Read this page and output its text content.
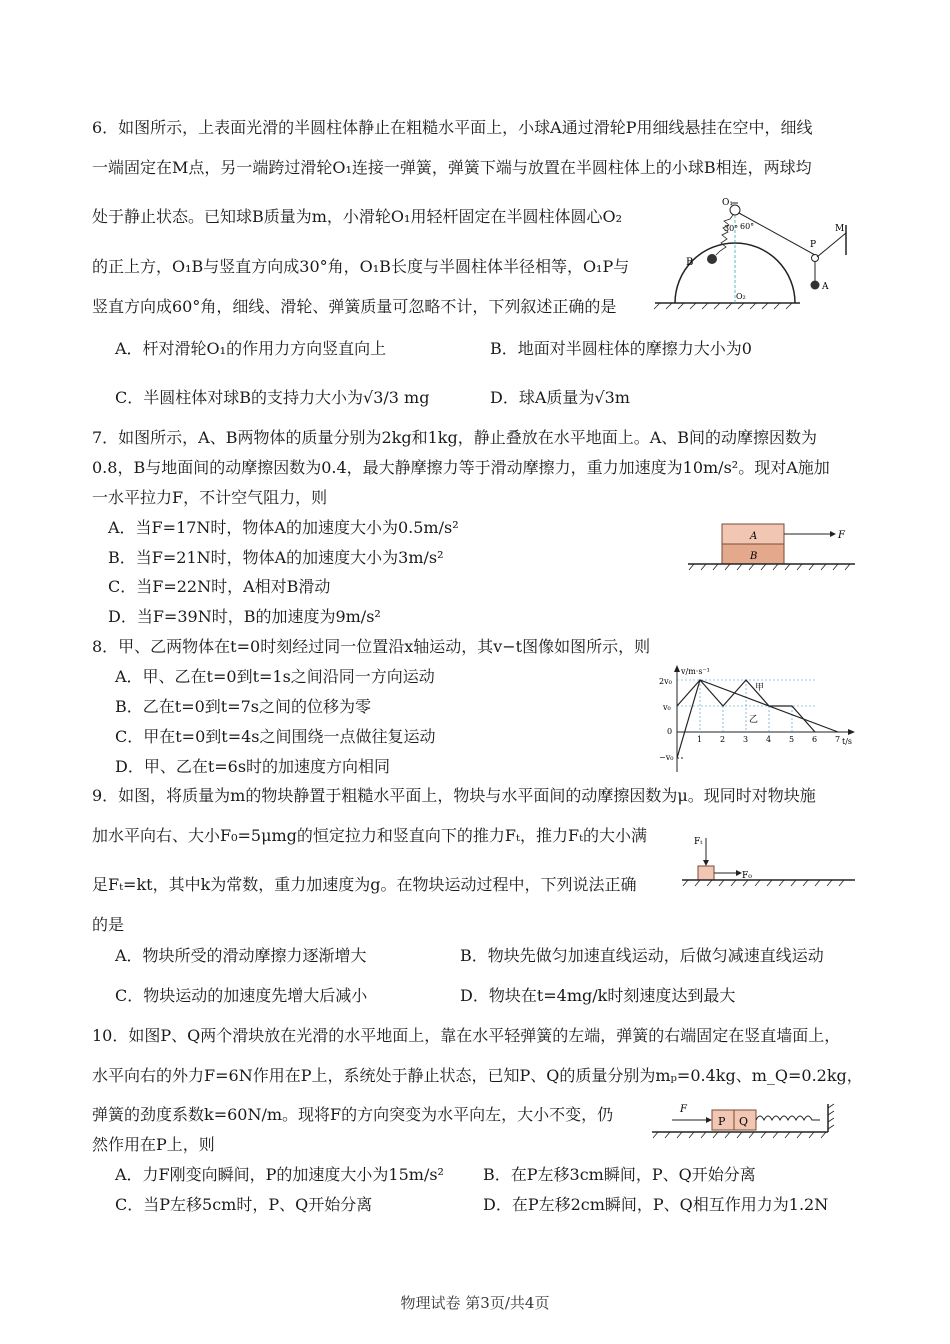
6．如图所示，上表面光滑的半圆柱体静止在粗糙水平面上，小球A通过滑轮P用细线悬挂在空中，细线
一端固定在M点，另一端跨过滑轮O₁连接一弹簧，弹簧下端与放置在半圆柱体上的小球B相连，两球均
处于静止状态。已知球B质量为m，小滑轮O₁用轻杆固定在半圆柱体圆心O₂
的正上方，O₁B与竖直方向成30°角，O₁B长度与半圆柱体半径相等，O₁P与
竖直方向成60°角，细线、滑轮、弹簧质量可忽略不计，下列叙述正确的是
O₁
30° 60°
B
P
M
A
O₂
A．杆对滑轮O₁的作用力方向竖直向上	B．地面对半圆柱体的摩擦力大小为0
C．半圆柱体对球B的支持力大小为√3/3 mg	D．球A质量为√3m
7．如图所示，A、B两物体的质量分别为2kg和1kg，静止叠放在水平地面上。A、B间的动摩擦因数为
0.8，B与地面间的动摩擦因数为0.4，最大静摩擦力等于滑动摩擦力，重力加速度为10m/s²。现对A施加
一水平拉力F，不计空气阻力，则
A．当F=17N时，物体A的加速度大小为0.5m/s²
B．当F=21N时，物体A的加速度大小为3m/s²
C．当F=22N时，A相对B滑动
D．当F=39N时，B的加速度为9m/s²
A
B
F
8．甲、乙两物体在t=0时刻经过同一位置沿x轴运动，其v−t图像如图所示，则
A．甲、乙在t=0到t=1s之间沿同一方向运动
B．乙在t=0到t=7s之间的位移为零
C．甲在t=0到t=4s之间围绕一点做往复运动
D．甲、乙在t=6s时的加速度方向相同
v/m·s⁻¹
t/s
2v₀
v₀
0
−v₀
1 2 3 4 5 6 7
甲
乙
9．如图，将质量为m的物块静置于粗糙水平面上，物块与水平面间的动摩擦因数为μ。现同时对物块施
加水平向右、大小F₀=5μmg的恒定拉力和竖直向下的推力Fₜ，推力Fₜ的大小满
足Fₜ=kt，其中k为常数，重力加速度为g。在物块运动过程中，下列说法正确
的是
Fₜ
F₀
A．物块所受的滑动摩擦力逐渐增大	B．物块先做匀加速直线运动，后做匀减速直线运动
C．物块运动的加速度先增大后减小	D．物块在t=4mg/k时刻速度达到最大
10．如图P、Q两个滑块放在光滑的水平地面上，靠在水平轻弹簧的左端，弹簧的右端固定在竖直墙面上，
水平向右的外力F=6N作用在P上，系统处于静止状态，已知P、Q的质量分别为mₚ=0.4kg、m_Q=0.2kg，
弹簧的劲度系数k=60N/m。现将F的方向突变为水平向左，大小不变，仍
然作用在P上，则
F
P Q
A．力F刚变向瞬间，P的加速度大小为15m/s² B．在P左移3cm瞬间，P、Q开始分离
C．当P左移5cm时，P、Q开始分离	D．在P左移2cm瞬间，P、Q相互作用力为1.2N
物理试卷 第3页/共4页
